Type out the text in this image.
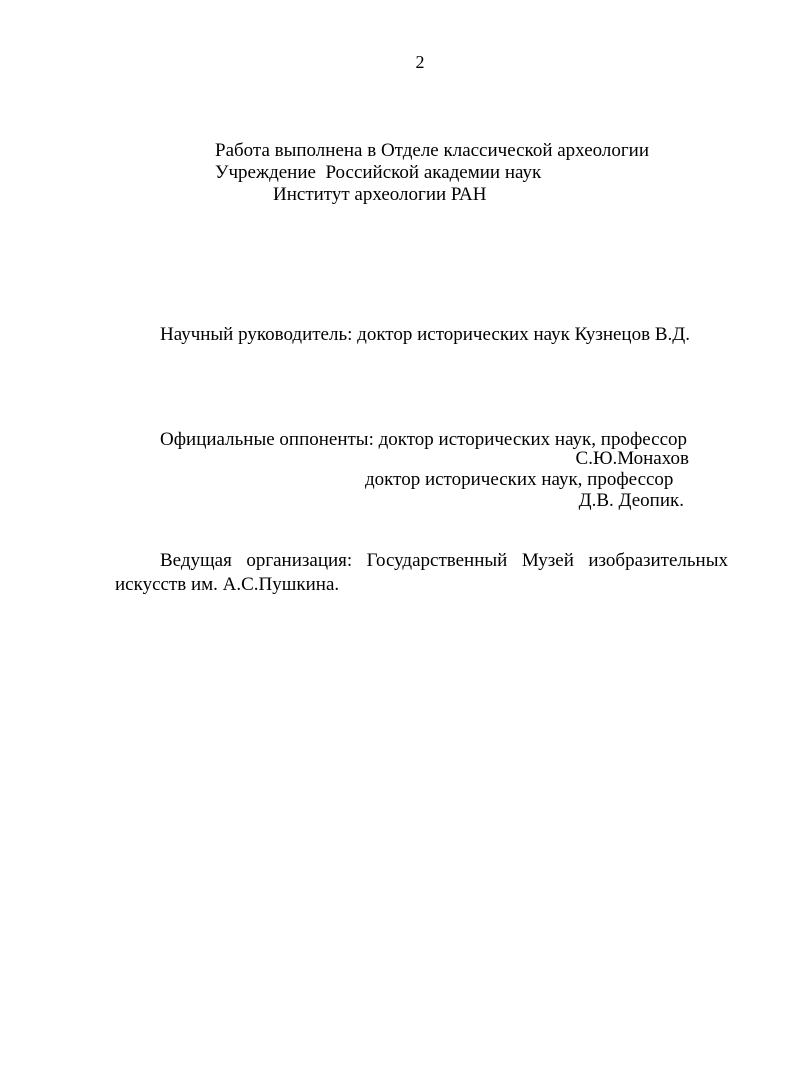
2

Работа выполнена в Отделе классической археологии

Учреждение  Российской академии наук

Институт археологии РАН

Научный руководитель: доктор исторических наук Кузнецов В.Д.

Официальные оппоненты: доктор исторических наук, профессор

С.Ю.Монахов

доктор исторических наук, профессор

Д.В. Деопик.

Ведущая организация: Государственный Музей изобразительных

искусств им. А.С.Пушкина.
